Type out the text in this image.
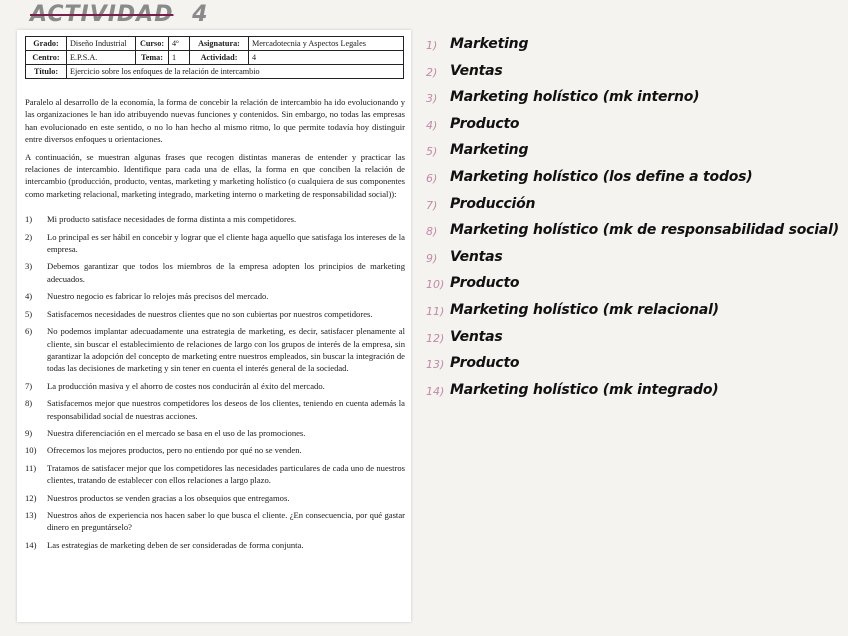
ACTIVIDAD 4
Grado:	Diseño Industrial	Curso:	4º	Asignatura:	Mercadotecnia y Aspectos Legales
Centro:	E.P.S.A.	Tema:	1	Actividad:	4
Título:	Ejercicio sobre los enfoques de la relación de intercambio				

Paralelo al desarrollo de la economía, la forma de concebir la relación de intercambio ha ido evolucionando y las organizaciones le han ido atribuyendo nuevas funciones y contenidos. Sin embargo, no todas las empresas han evolucionado en este sentido, o no lo han hecho al mismo ritmo, lo que permite todavía hoy distinguir entre diversos enfoques u orientaciones.

A continuación, se muestran algunas frases que recogen distintas maneras de entender y practicar las relaciones de intercambio. Identifique para cada una de ellas, la forma en que conciben la relación de intercambio (producción, producto, ventas, marketing y marketing holístico (o cualquiera de sus componentes como marketing relacional, marketing integrado, marketing interno o marketing de responsabilidad social)):

1) Mi producto satisface necesidades de forma distinta a mis competidores.
2) Lo principal es ser hábil en concebir y lograr que el cliente haga aquello que satisfaga los intereses de la empresa.
3) Debemos garantizar que todos los miembros de la empresa adopten los principios de marketing adecuados.
4) Nuestro negocio es fabricar lo relojes más precisos del mercado.
5) Satisfacemos necesidades de nuestros clientes que no son cubiertas por nuestros competidores.
6) No podemos implantar adecuadamente una estrategia de marketing, es decir, satisfacer plenamente al cliente, sin buscar el establecimiento de relaciones de largo con los grupos de interés de la empresa, sin garantizar la adopción del concepto de marketing entre nuestros empleados, sin buscar la integración de todas las decisiones de marketing y sin tener en cuenta el interés general de la sociedad.
7) La producción masiva y el ahorro de costes nos conducirán al éxito del mercado.
8) Satisfacemos mejor que nuestros competidores los deseos de los clientes, teniendo en cuenta además la responsabilidad social de nuestras acciones.
9) Nuestra diferenciación en el mercado se basa en el uso de las promociones.
10) Ofrecemos los mejores productos, pero no entiendo por qué no se venden.
11) Tratamos de satisfacer mejor que los competidores las necesidades particulares de cada uno de nuestros clientes, tratando de establecer con ellos relaciones a largo plazo.
12) Nuestros productos se venden gracias a los obsequios que entregamos.
13) Nuestros años de experiencia nos hacen saber lo que busca el cliente. ¿En consecuencia, por qué gastar dinero en preguntárselo?
14) Las estrategias de marketing deben de ser consideradas de forma conjunta.
1) Marketing
2) Ventas
3) Marketing holístico (mk interno)
4) Producto
5) Marketing
6) Marketing holístico (los define a todos)
7) Producción
8) Marketing holístico (mk de responsabilidad social)
9) Ventas
10) Producto
11) Marketing holístico (mk relacional)
12) Ventas
13) Producto
14) Marketing holístico (mk integrado)
